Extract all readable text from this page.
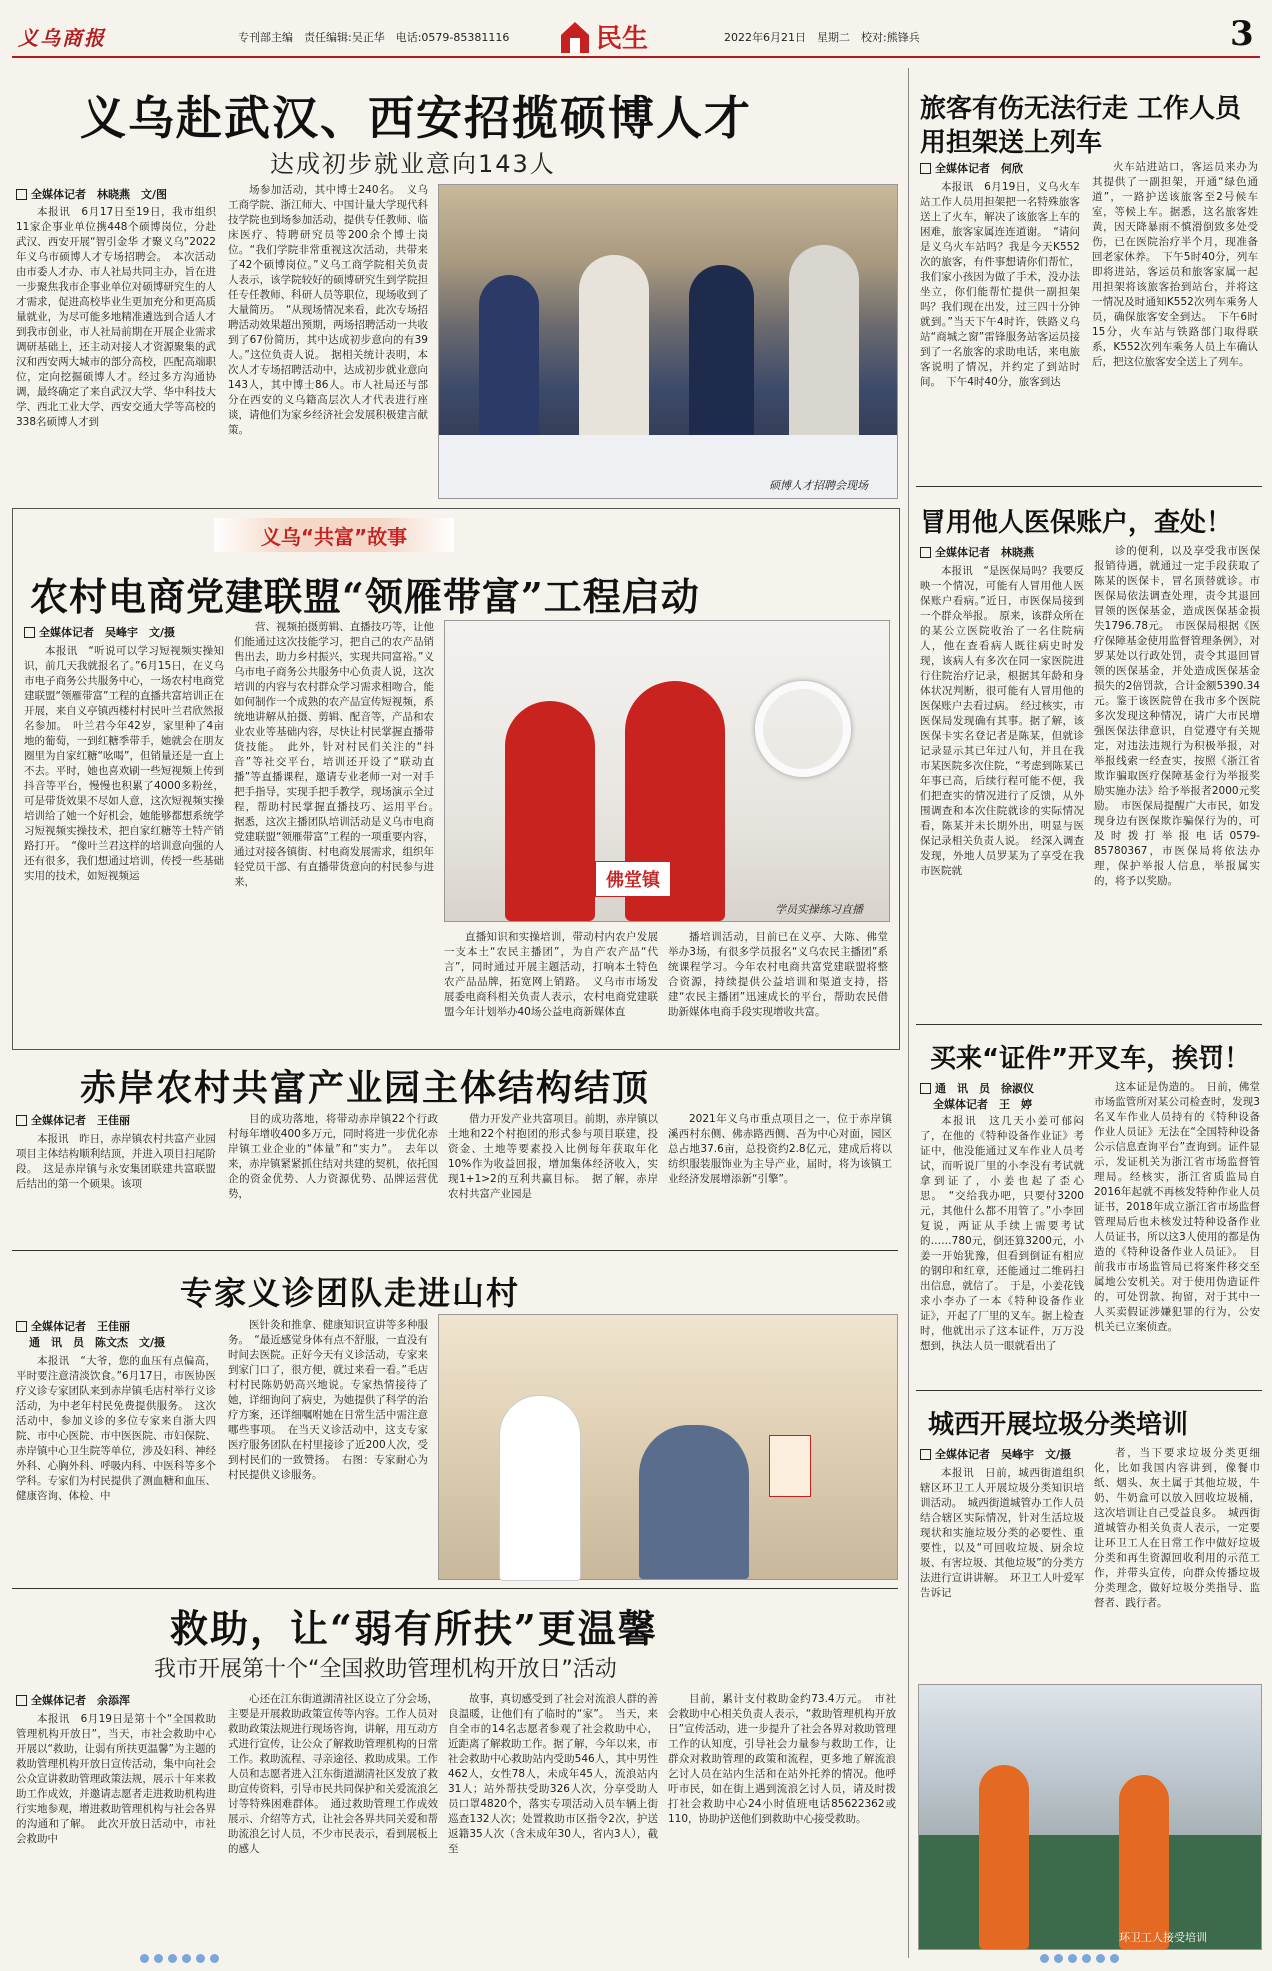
义乌商报	专刊部主编　责任编辑:吴正华　电话:0579-85381116	民生	2022年6月21日　星期二　校对:熊锋兵	3
义乌赴武汉、西安招揽硕博人才
达成初步就业意向143人
全媒体记者　林晓燕　文/图

本报讯　6月17日至19日，我市组织11家企事业单位携448个硕博岗位，分赴武汉、西安开展“智引金华 才聚义乌”2022年义乌市硕博人才专场招聘会。　本次活动由市委人才办、市人社局共同主办，旨在进一步聚焦我市企事业单位对硕博研究生的人才需求，促进高校毕业生更加充分和更高质量就业，为尽可能多地精准遴选到合适人才到我市创业，市人社局前期在开展企业需求调研基础上，还主动对接人才资源聚集的武汉和西安两大城市的部分高校，匹配高端职位，定向挖掘硕博人才。经过多方沟通协调，最终确定了来自武汉大学、华中科技大学、西北工业大学、西安交通大学等高校的338名硕博人才到

场参加活动，其中博士240名。　义乌工商学院、浙江师大、中国计量大学现代科技学院也到场参加活动，提供专任教师、临床医疗、特聘研究员等200余个博士岗位。“我们学院非常重视这次活动，共带来了42个硕博岗位。”义乌工商学院相关负责人表示，该学院较好的硕博研究生到学院担任专任教师、科研人员等职位，现场收到了大量简历。　“从现场情况来看，此次专场招聘活动效果超出预期，两场招聘活动一共收到了67份简历，其中达成初步意向的有39人。”这位负责人说。　据相关统计表明，本次人才专场招聘活动中，达成初步就业意向143人，其中博士86人。市人社局还与部分在西安的义乌籍高层次人才代表进行座谈，请他们为家乡经济社会发展积极建言献策。

硕博人才招聘会现场
旅客有伤无法行走 工作人员用担架送上列车
全媒体记者　何欣

本报讯　6月19日，义乌火车站工作人员用担架把一名特殊旅客送上了火车，解决了该旅客上车的困难，旅客家属连连道谢。　“请问是义乌火车站吗？我是今天K552次的旅客，有件事想请你们帮忙，我们家小孩因为做了手术，没办法坐立，你们能帮忙提供一副担架吗？我们现在出发，过三四十分钟就到。”当天下午4时许，铁路义乌站“商城之窗”雷锋服务站客运员接到了一名旅客的求助电话，来电旅客说明了情况，并约定了到站时间。　下午4时40分，旅客到达

火车站进站口，客运员来办为其提供了一副担架，开通“绿色通道”，一路护送该旅客至2号候车室，等候上车。据悉，这名旅客姓黄，因天降暴雨不慎滑倒致多处受伤，已在医院治疗半个月，现准备回老家休养。　下午5时40分，列车即将进站，客运员和旅客家属一起用担架将该旅客抬到站台，并将这一情况及时通知K552次列车乘务人员，确保旅客安全到达。　下午6时15分，火车站与铁路部门取得联系，K552次列车乘务人员上车确认后，把这位旅客安全送上了列车。

冒用他人医保账户，查处！
全媒体记者　林晓燕

本报讯　“是医保局吗？我要反映一个情况，可能有人冒用他人医保账户看病。”近日，市医保局接到一个群众举报。　原来，该群众所在的某公立医院收治了一名住院病人，他在查看病人既往病史时发现，该病人有多次在同一家医院进行住院治疗记录，根据其年龄和身体状况判断，很可能有人冒用他的医保账户去看过病。　经过核实，市医保局发现确有其事。据了解，该医保卡实名登记者是陈某，但就诊记录显示其已年过八旬，并且在我市某医院多次住院，“考虑到陈某已年事已高，后续行程可能不便，我们把查实的情况进行了反馈，从外围调查和本次住院就诊的实际情况看，陈某并未长期外出，明显与医保记录相关负责人说。　经深入调查发现，外地人员罗某为了享受在我市医院就

诊的便利，以及享受我市医保报销待遇，就通过一定手段获取了陈某的医保卡，冒名顶替就诊。市医保局依法调查处理，责令其退回冒领的医保基金，造成医保基金损失1796.78元。　市医保局根据《医疗保障基金使用监督管理条例》，对罗某处以行政处罚，责令其退回冒领的医保基金，并处造成医保基金损失的2倍罚款，合计金额5390.34元。鉴于该医院曾在我市多个医院多次发现这种情况，请广大市民增强医保法律意识，自觉遵守有关规定，对违法违规行为积极举报，对举报线索一经查实，按照《浙江省欺诈骗取医疗保障基金行为举报奖励实施办法》给予举报者2000元奖励。　市医保局提醒广大市民，如发现身边有医保欺诈骗保行为的，可及时拨打举报电话0579-85780367，市医保局将依法办理，保护举报人信息，举报属实的，将予以奖励。

义乌“共富”故事
农村电商党建联盟“领雁带富”工程启动
全媒体记者　吴峰宇　文/摄

本报讯　“听说可以学习短视频实操知识，前几天我就报名了。”6月15日，在义乌市电子商务公共服务中心，一场农村电商党建联盟“领雁带富”工程的直播共富培训正在开展，来自义亭镇西楼村村民叶兰君欣然报名参加。　叶兰君今年42岁，家里种了4亩地的葡萄，一到红糖季带手，她就会在朋友圈里为自家红糖“吆喝”，但销量还是一直上不去。平时，她也喜欢刷一些短视频上传到抖音等平台，慢慢也积累了4000多粉丝，可是带货效果不尽如人意，这次短视频实操培训给了她一个好机会，她能够都想系统学习短视频实操技术，把自家红糖等土特产销路打开。　“像叶兰君这样的培训意向强的人还有很多，我们想通过培训，传授一些基础实用的技术，如短视频运

营、视频拍摄剪辑、直播技巧等，让他们能通过这次技能学习，把自己的农产品销售出去，助力乡村振兴，实现共同富裕。”义乌市电子商务公共服务中心负责人说，这次培训的内容与农村群众学习需求相吻合，能如何制作一个成熟的农产品宣传短视频，系统地讲解从拍摄、剪辑、配音等，产品和农业农业等基础内容，尽快让村民掌握直播带货技能。　此外，针对村民们关注的“抖音”等社交平台，培训还开设了“联动直播”等直播课程，邀请专业老师一对一对手把手指导，实现手把手教学，现场演示全过程，帮助村民掌握直播技巧、运用平台。　据悉，这次主播团队培训活动是义乌市电商党建联盟“领雁带富”工程的一项重要内容，通过对接各镇街、村电商发展需求，组织年轻党员干部、有直播带货意向的村民参与进来，	佛堂镇
学员实操练习直播

直播知识和实操培训，带动村内农户发展一支本土“农民主播团”，为自产农产品“代言”，同时通过开展主题活动，打响本土特色农产品品牌，拓宽网上销路。　义乌市市场发展委电商科相关负责人表示，农村电商党建联盟今年计划举办40场公益电商新媒体直

播培训活动，目前已在义亭、大陈、佛堂举办3场，有很多学员报名“义乌农民主播团”系统课程学习。今年农村电商共富党建联盟将整合资源，持续提供公益培训和渠道支持，搭建“农民主播团”迅速成长的平台，帮助农民借助新媒体电商手段实现增收共富。

赤岸农村共富产业园主体结构结顶
全媒体记者　王佳丽

本报讯　昨日，赤岸镇农村共富产业园项目主体结构顺利结顶，并进入项目扫尾阶段。　这是赤岸镇与永安集团联建共富联盟后结出的第一个硕果。该项

目的成功落地，将带动赤岸镇22个行政村每年增收400多万元，同时将进一步优化赤岸镇工业企业的“体量”和“实力”。　去年以来，赤岸镇紧紧抓住结对共建的契机，依托国企的资金优势、人力资源优势、品牌运营优势，

借力开发产业共富项目。前期，赤岸镇以土地和22个村抱团的形式参与项目联建，投资金、土地等要素投入比例每年获取年化10%作为收益回报，增加集体经济收入，实现1+1>2的互利共赢目标。　据了解，赤岸农村共富产业园是

2021年义乌市重点项目之一，位于赤岸镇溪西村东侧、佛赤路西侧、吾为中心对面，园区总占地37.6亩，总投资约2.8亿元，建成后将以纺织服装服饰业为主导产业，届时，将为该镇工业经济发展增添新“引擎”。

买来“证件”开叉车，挨罚！
通　讯　员　徐淑仪
全媒体记者　王　婷

本报讯　这几天小姜可郁闷了，在他的《特种设备作业证》考证中，他没能通过叉车作业人员考试，而听说厂里的小李没有考试就拿到证了，小姜也起了歪心思。　“交给我办吧，只要付3200元，其他什么都不用管了。”小李回复说，两证从手续上需要考试的……780元，倒还算3200元，小姜一开始犹豫，但看到倒证有相应的钢印和红章，还能通过二维码扫出信息，就信了。　于是，小姜花钱求小李办了一本《特种设备作业证》，开起了厂里的叉车。据上检查时，他就出示了这本证件，万万没想到，执法人员一眼就看出了

这本证是伪造的。　日前，佛堂市场监管所对某公司检查时，发现3名叉车作业人员持有的《特种设备作业人员证》无法在“全国特种设备公示信息查询平台”查询到。证件显示，发证机关为浙江省市场监督管理局。经核实，浙江省质监局自2016年起就不再核发特种作业人员证书，2018年成立浙江省市场监督管理局后也未核发过特种设备作业人员证书，所以这3人使用的都是伪造的《特种设备作业人员证》。　目前我市市场监管局已将案件移交至属地公安机关。对于使用伪造证件的，可处罚款、拘留，对于其中一人买卖假证涉嫌犯罪的行为，公安机关已立案侦查。

专家义诊团队走进山村
全媒体记者　王佳丽
通　讯　员　陈文杰　文/摄

本报讯　“大爷，您的血压有点偏高，平时要注意清淡饮食。”6月17日，市医协医疗义诊专家团队来到赤岸镇毛店村举行义诊活动，为中老年村民免费提供服务。　这次活动中，参加义诊的多位专家来自浙大四院、市中心医院、市中医医院、市妇保院、赤岸镇中心卫生院等单位，涉及妇科、神经外科、心胸外科、呼吸内科、中医科等多个学科。专家们为村民提供了测血糖和血压、健康咨询、体检、中

医针灸和推拿、健康知识宣讲等多种服务。　“最近感觉身体有点不舒服，一直没有时间去医院。正好今天有义诊活动，专家来到家门口了，很方便，就过来看一看。”毛店村村民陈奶奶高兴地说。专家热情接待了她，详细询问了病史，为她提供了科学的治疗方案，还详细嘱咐她在日常生活中需注意哪些事项。　在当天义诊活动中，这支专家医疗服务团队在村里接诊了近200人次，受到村民们的一致赞扬。　右图：专家耐心为村民提供义诊服务。

城西开展垃圾分类培训
全媒体记者　吴峰宇　文/摄

本报讯　日前，城西街道组织辖区环卫工人开展垃圾分类知识培训活动。　城西街道城管办工作人员结合辖区实际情况，针对生活垃圾现状和实施垃圾分类的必要性、重要性，以及“可回收垃圾、厨余垃圾、有害垃圾、其他垃圾”的分类方法进行宣讲讲解。　环卫工人叶爱军告诉记

者，当下要求垃圾分类更细化，比如我国内容讲到，像餐巾纸、烟头、灰土属于其他垃圾，牛奶、牛奶盒可以放入回收垃圾桶，这次培训让自己受益良多。　城西街道城管办相关负责人表示，一定要让环卫工人在日常工作中做好垃圾分类和再生资源回收利用的示范工作，并带头宣传，向群众传播垃圾分类理念，做好垃圾分类指导、监督者、践行者。

环卫工人接受培训
救助，让“弱有所扶”更温馨
我市开展第十个“全国救助管理机构开放日”活动
全媒体记者　余添浑

本报讯　6月19日是第十个“全国救助管理机构开放日”，当天，市社会救助中心开展以“救助，让弱有所扶更温馨”为主题的救助管理机构开放日宣传活动，集中向社会公众宣讲救助管理政策法规，展示十年来救助工作成效，并邀请志愿者走进救助机构进行实地参观，增进救助管理机构与社会各界的沟通和了解。　此次开放日活动中，市社会救助中

心还在江东街道湖清社区设立了分会场，主要是开展救助政策宣传等内容。工作人员对救助政策法规进行现场咨询，讲解，用互动方式进行宣传，让公众了解救助管理机构的日常工作。救助流程、寻亲途径、救助成果。工作人员和志愿者进入江东街道湖清社区发放了救助宣传资料，引导市民共同保护和关爱流浪乞讨等特殊困难群体。　通过救助管理工作成效展示、介绍等方式，让社会各界共同关爱和帮助流浪乞讨人员，不少市民表示，看到展板上的感人

故事，真切感受到了社会对流浪人群的善良温暖，让他们有了临时的“家”。　当天，来自全市的14名志愿者参观了社会救助中心，近距离了解救助工作。据了解，今年以来，市社会救助中心救助站内受助546人，其中男性462人，女性78人，未成年45人，流浪站内31人；站外帮扶受助326人次，分享受助人员口罩4820个，落实专项活动入员车辆上街巡查132人次；处置救助市区指令2次，护送返籍35人次（含未成年30人，省内3人），截至

目前，累计支付救助金约73.4万元。　市社会救助中心相关负责人表示，“救助管理机构开放日”宣传活动，进一步提升了社会各界对救助管理工作的认知度，引导社会力量参与救助工作，让群众对救助管理的政策和流程，更多地了解流浪乞讨人员在站内生活和在站外托养的情况。他呼吁市民，如在街上遇到流浪乞讨人员，请及时拨打社会救助中心24小时值班电话85622362或110，协助护送他们到救助中心接受救助。
